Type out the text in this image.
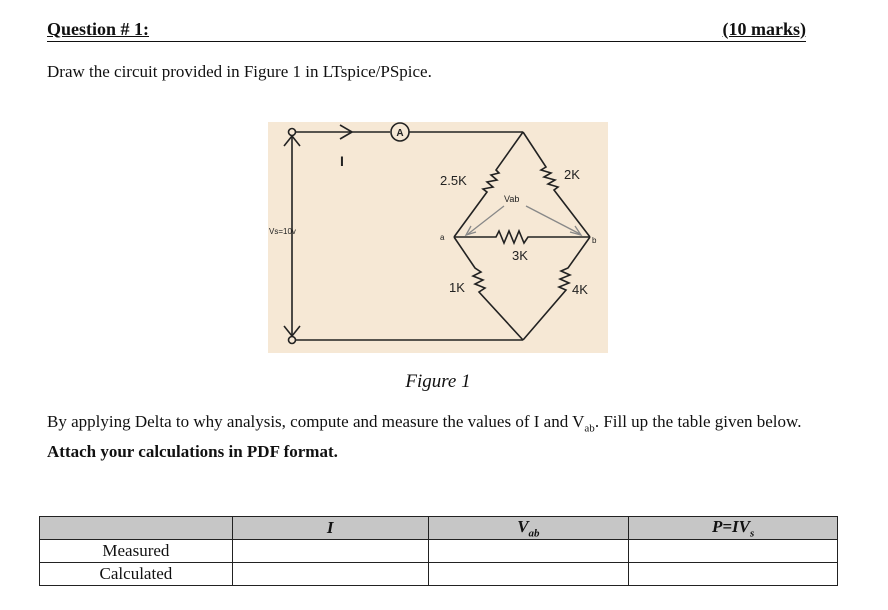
Question # 1:	(10 marks)
Draw the circuit provided in Figure 1 in LTspice/PSpice.
A
I
Vs=10v
2.5K	2K
3K
1K	4K
Vab
a	b
Figure 1
By applying Delta to why analysis, compute and measure the values of I and $V_{ab}$. Fill up the table given below. Attach your calculations in PDF format.
	I	$V_{ab}$	$P=IV_s$
Measured			
Calculated			
